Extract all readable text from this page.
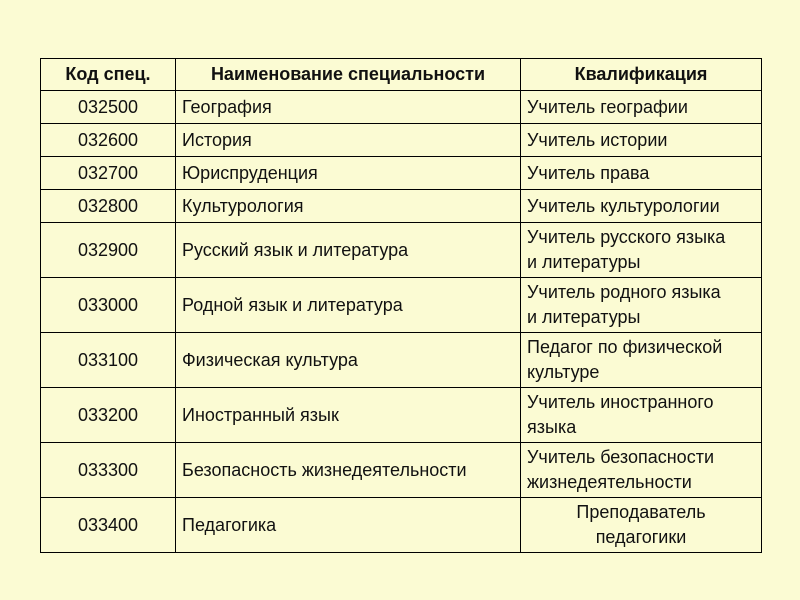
Код спец.	Наименование специальности	Квалификация
032500	География	Учитель географии

032600	История	Учитель истории

032700	Юриспруденция	Учитель права

032800	Культурология	Учитель культурологии

032900	Русский язык и литература	Учитель русского языка
и литературы

033000	Родной язык и литература	Учитель родного языка
и литературы

033100	Физическая культура	Педагог по физической
культуре

033200	Иностранный язык	Учитель иностранного
языка

033300	Безопасность жизнедеятельности	Учитель безопасности
жизнедеятельности

033400	Педагогика	Преподаватель
педагогики
